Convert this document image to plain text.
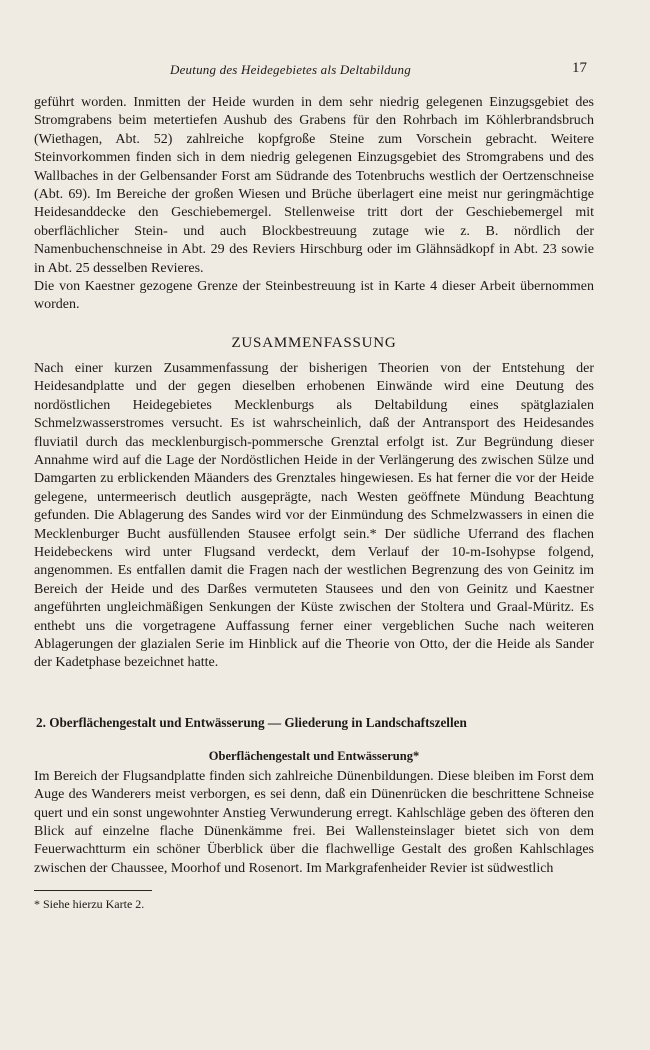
Deutung des Heidegebietes als Deltabildung	17

geführt worden. Inmitten der Heide wurden in dem sehr niedrig gelegenen Einzugsgebiet des Stromgrabens beim metertiefen Aushub des Grabens für den Rohrbach im Köhlerbrandsbruch (Wiethagen, Abt. 52) zahlreiche kopfgroße Steine zum Vorschein gebracht. Weitere Steinvorkommen finden sich in dem niedrig gelegenen Einzugsgebiet des Stromgrabens und des Wallbaches in der Gelbensander Forst am Südrande des Totenbruchs westlich der Oertzenschneise (Abt. 69). Im Bereiche der großen Wiesen und Brüche überlagert eine meist nur geringmächtige Heidesanddecke den Geschiebemergel. Stellenweise tritt dort der Geschiebemergel mit oberflächlicher Stein- und auch Blockbestreuung zutage wie z. B. nördlich der Namenbuchenschneise in Abt. 29 des Reviers Hirschburg oder im Glähnsädkopf in Abt. 23 sowie in Abt. 25 desselben Revieres.

Die von Kaestner gezogene Grenze der Steinbestreuung ist in Karte 4 dieser Arbeit übernommen worden.

ZUSAMMENFASSUNG

Nach einer kurzen Zusammenfassung der bisherigen Theorien von der Entstehung der Heidesandplatte und der gegen dieselben erhobenen Einwände wird eine Deutung des nordöstlichen Heidegebietes Mecklenburgs als Deltabildung eines spätglazialen Schmelzwasserstromes versucht. Es ist wahrscheinlich, daß der Antransport des Heidesandes fluviatil durch das mecklenburgisch-pommersche Grenztal erfolgt ist. Zur Begründung dieser Annahme wird auf die Lage der Nordöstlichen Heide in der Verlängerung des zwischen Sülze und Damgarten zu erblickenden Mäanders des Grenztales hingewiesen. Es hat ferner die vor der Heide gelegene, untermeerisch deutlich ausgeprägte, nach Westen geöffnete Mündung Beachtung gefunden. Die Ablagerung des Sandes wird vor der Einmündung des Schmelzwassers in einen die Mecklenburger Bucht ausfüllenden Stausee erfolgt sein.* Der südliche Uferrand des flachen Heidebeckens wird unter Flugsand verdeckt, dem Verlauf der 10-m-Isohypse folgend, angenommen. Es entfallen damit die Fragen nach der westlichen Begrenzung des von Geinitz im Bereich der Heide und des Darßes vermuteten Stausees und den von Geinitz und Kaestner angeführten ungleichmäßigen Senkungen der Küste zwischen der Stoltera und Graal-Müritz. Es enthebt uns die vorgetragene Auffassung ferner einer vergeblichen Suche nach weiteren Ablagerungen der glazialen Serie im Hinblick auf die Theorie von Otto, der die Heide als Sander der Kadetphase bezeichnet hatte.

2. Oberflächengestalt und Entwässerung — Gliederung in Landschaftszellen
Oberflächengestalt und Entwässerung*

Im Bereich der Flugsandplatte finden sich zahlreiche Dünenbildungen. Diese bleiben im Forst dem Auge des Wanderers meist verborgen, es sei denn, daß ein Dünenrücken die beschrittene Schneise quert und ein sonst ungewohnter Anstieg Verwunderung erregt. Kahlschläge geben des öfteren den Blick auf einzelne flache Dünenkämme frei. Bei Wallensteinslager bietet sich von dem Feuerwachtturm ein schöner Überblick über die flachwellige Gestalt des großen Kahlschlages zwischen der Chaussee, Moorhof und Rosenort. Im Markgrafenheider Revier ist südwestlich

* Siehe hierzu Karte 2.
